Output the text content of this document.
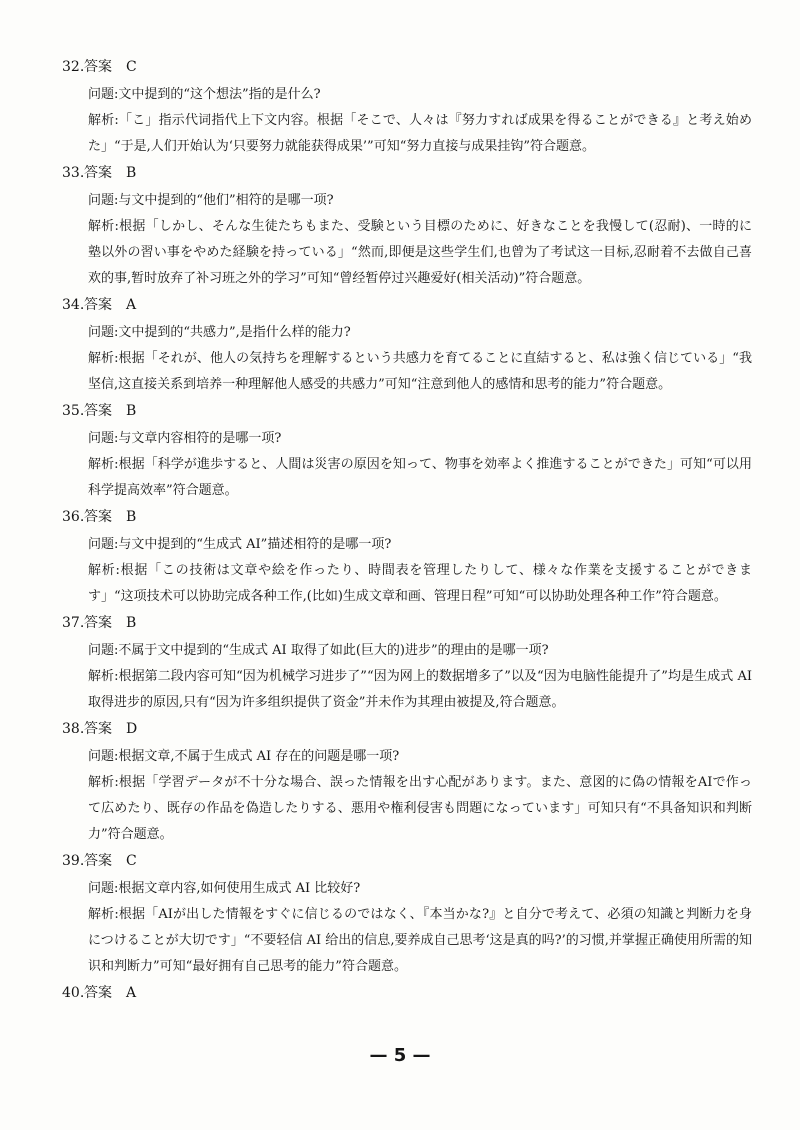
32. 答案	C
问题:文中提到的“这个想法”指的是什么?
解析:「こ」指示代词指代上下文内容。根据「そこで、人々は『努力すれば成果を得ることができる』と考え始めた」“于是,人们开始认为‘只要努力就能获得成果’”可知“努力直接与成果挂钩”符合题意。
33. 答案	B
问题:与文中提到的“他们”相符的是哪一项?
解析:根据「しかし、そんな生徒たちもまた、受験という目標のために、好きなことを我慢して(忍耐)、一時的に塾以外の習い事をやめた経験を持っている」“然而,即便是这些学生们,也曾为了考试这一目标,忍耐着不去做自己喜欢的事,暂时放弃了补习班之外的学习”可知“曾经暂停过兴趣爱好(相关活动)”符合题意。
34. 答案	A
问题:文中提到的“共感力”,是指什么样的能力?
解析:根据「それが、他人の気持ちを理解するという共感力を育てることに直結すると、私は強く信じている」“我坚信,这直接关系到培养一种理解他人感受的共感力”可知“注意到他人的感情和思考的能力”符合题意。
35. 答案	B
问题:与文章内容相符的是哪一项?
解析:根据「科学が進歩すると、人間は災害の原因を知って、物事を効率よく推進することができた」可知“可以用科学提高效率”符合题意。
36. 答案	B
问题:与文中提到的“生成式 AI”描述相符的是哪一项?
解析:根据「この技術は文章や絵を作ったり、時間表を管理したりして、様々な作業を支援することができます」“这项技术可以协助完成各种工作,(比如)生成文章和画、管理日程”可知“可以协助处理各种工作”符合题意。
37. 答案	B
问题:不属于文中提到的“生成式 AI 取得了如此(巨大的)进步”的理由的是哪一项?
解析:根据第二段内容可知“因为机械学习进步了”“因为网上的数据增多了”以及“因为电脑性能提升了”均是生成式 AI 取得进步的原因,只有“因为许多组织提供了资金”并未作为其理由被提及,符合题意。
38. 答案	D
问题:根据文章,不属于生成式 AI 存在的问题是哪一项?
解析:根据「学習データが不十分な場合、誤った情報を出す心配があります。また、意図的に偽の情報をAIで作って広めたり、既存の作品を偽造したりする、悪用や権利侵害も問題になっています」可知只有“不具备知识和判断力”符合题意。
39. 答案	C
问题:根据文章内容,如何使用生成式 AI 比较好?
解析:根据「AIが出した情報をすぐに信じるのではなく、『本当かな?』と自分で考えて、必須の知識と判断力を身につけることが大切です」“不要轻信 AI 给出的信息,要养成自己思考‘这是真的吗?’的习惯,并掌握正确使用所需的知识和判断力”可知“最好拥有自己思考的能力”符合题意。
40. 答案	A
— 5 —
